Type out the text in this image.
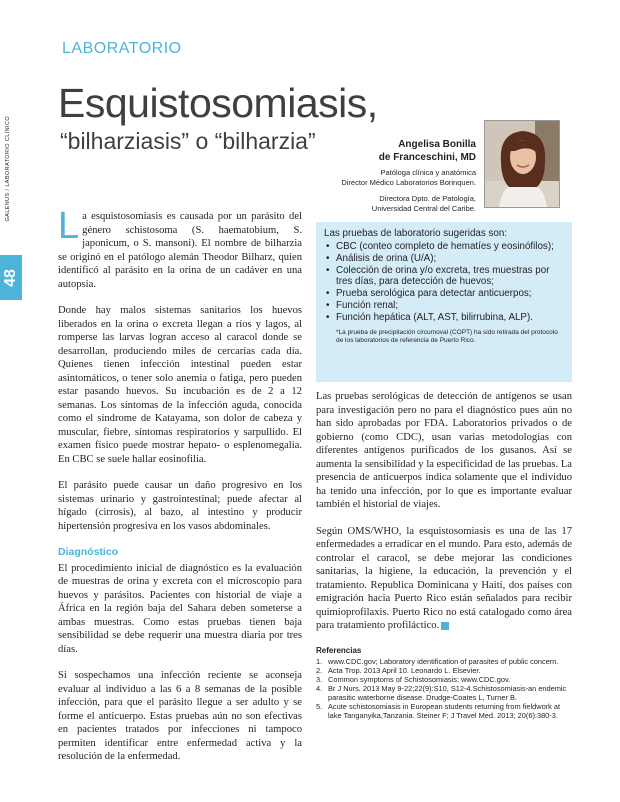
GALENUS / LABORATORIO CLÍNICO
48
LABORATORIO
Esquistosomiasis,
“bilharziasis” o “bilharzia”	Angelisa Bonilla
de Franceschini, MD
Patóloga clínica y anatómica
Director Médico Laboratorios Borinquen.
Directora Dpto. de Patología,
Universidad Central del Caribe.

La esquistosomiasis es causada por un parásito del género schistosoma (S. haematobium, S. japonicum, o S. mansoni). El nombre de bilharzia se originó en el patólogo alemán Theodor Bilharz, quien identificó al parásito en la orina de un cadáver en una autopsia.

Donde hay malos sistemas sanitarios los huevos liberados en la orina o excreta llegan a ríos y lagos, al romperse las larvas logran acceso al caracol donde se desarrollan, produciendo miles de cercarías cada día. Quienes tienen infección intestinal pueden estar asintomáticos, o tener solo anemia o fatiga, pero pueden estar pasando huevos. Su incubación es de 2 a 12 semanas. Los síntomas de la infección aguda, conocida como el síndrome de Katayama, son dolor de cabeza y muscular, fiebre, síntomas respiratorios y sarpullido. El examen físico puede mostrar hepato- o esplenomegalia. En CBC se suele hallar eosinofilia.

El parásito puede causar un daño progresivo en los sistemas urinario y gastrointestinal; puede afectar al hígado (cirrosis), al bazo, al intestino y producir hipertensión progresiva en los vasos abdominales.

Diagnóstico

El procedimiento inicial de diagnóstico es la evaluación de muestras de orina y excreta con el microscopio para huevos y parásitos. Pacientes con historial de viaje a África en la región baja del Sahara deben someterse a ambas muestras. Como estas pruebas tienen baja sensibilidad se debe requerir una muestra diaria por tres días.

Si sospechamos una infección reciente se aconseja evaluar al individuo a las 6 a 8 semanas de la posible infección, para que el parásito llegue a ser adulto y se forme el anticuerpo. Estas pruebas aún no son efectivas en pacientes tratados por infecciones ni tampoco permiten identificar entre enfermedad activa y la resolución de la enfermedad.

Las pruebas de laboratorio sugeridas son:
• CBC (conteo completo de hematíes y eosinófilos);
• Análisis de orina (U/A);
• Colección de orina y/o excreta, tres muestras por tres días, para detección de huevos;
• Prueba serológica para detectar anticuerpos;
• Función renal;
• Función hepática (ALT, AST, bilirrubina, ALP).
*La prueba de precipitación circumoval (COPT) ha sido retirada del protocolo de los laboratorios de referencia de Puerto Rico.

Las pruebas serológicas de detección de antígenos se usan para investigación pero no para el diagnóstico pues aún no han sido aprobadas por FDA. Laboratorios privados o de gobierno (como CDC), usan varias metodologías con diferentes antígenos purificados de los gusanos. Así se aumenta la sensibilidad y la especificidad de las pruebas. La presencia de anticuerpos indica solamente que el individuo ha tenido una infección, por lo que es importante evaluar también el historial de viajes.

Según OMS/WHO, la esquistosomiasis es una de las 17 enfermedades a erradicar en el mundo. Para esto, además de controlar el caracol, se debe mejorar las condiciones sanitarias, la higiene, la educación, la prevención y el tratamiento. Republica Dominicana y Haití, dos países con emigración hacia Puerto Rico están señalados para recibir quimioprofilaxis. Puerto Rico no está catalogado como área para tratamiento profiláctico.

Referencias
1. www.CDC.gov; Laboratory identification of parasites of public concern.
2. Acta Trop. 2013 April 10. Leonardo L. Elsevier.
3. Common symptoms of Schistosomiasis; www.CDC.gov.
4. Br J Nurs. 2013 May 9-22;22(9):S10, S12-4.Schistosomiasis-an endemic parasitic waterborne disease. Drudge-Coates L, Turner B.
5. Acute schistosomiasis in European students returning from fieldwork at lake Tanganyika,Tanzania. Steiner F; J Travel Med. 2013; 20(6):380-3.
